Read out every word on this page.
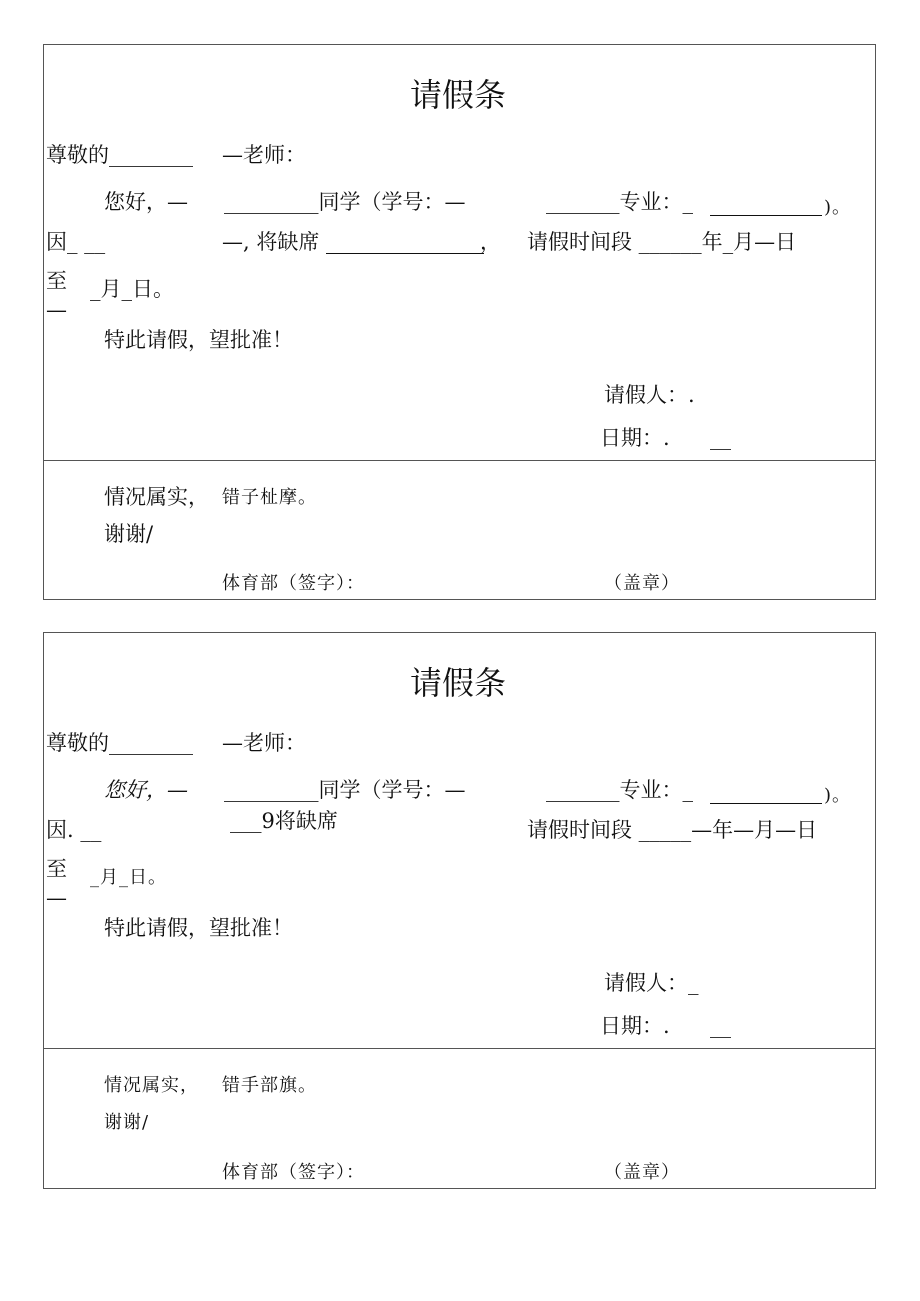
请假条
尊敬的________ —老师：
您好，— _________同学（学号：—	_______专业：_	)。
因_ __	—, 将缺席	， 请假时间段 ______年_月—日
至
—
_月_日。
特此请假，望批准！
请假人：.
日期：. __
情况属实， 错子杫摩。
谢谢/
体育部（签字）：	（盖章）
请假条
尊敬的________ —老师：
您好，— _________同学（学号：—	_______专业：_	)。
因. __	___9将缺席	请假时间段 _____—年—月—日
至
—
_月_日。
特此请假，望批准！
请假人：_
日期：. __
情况属实， 错手部旗。
谢谢/
体育部（签字）：	（盖章）
